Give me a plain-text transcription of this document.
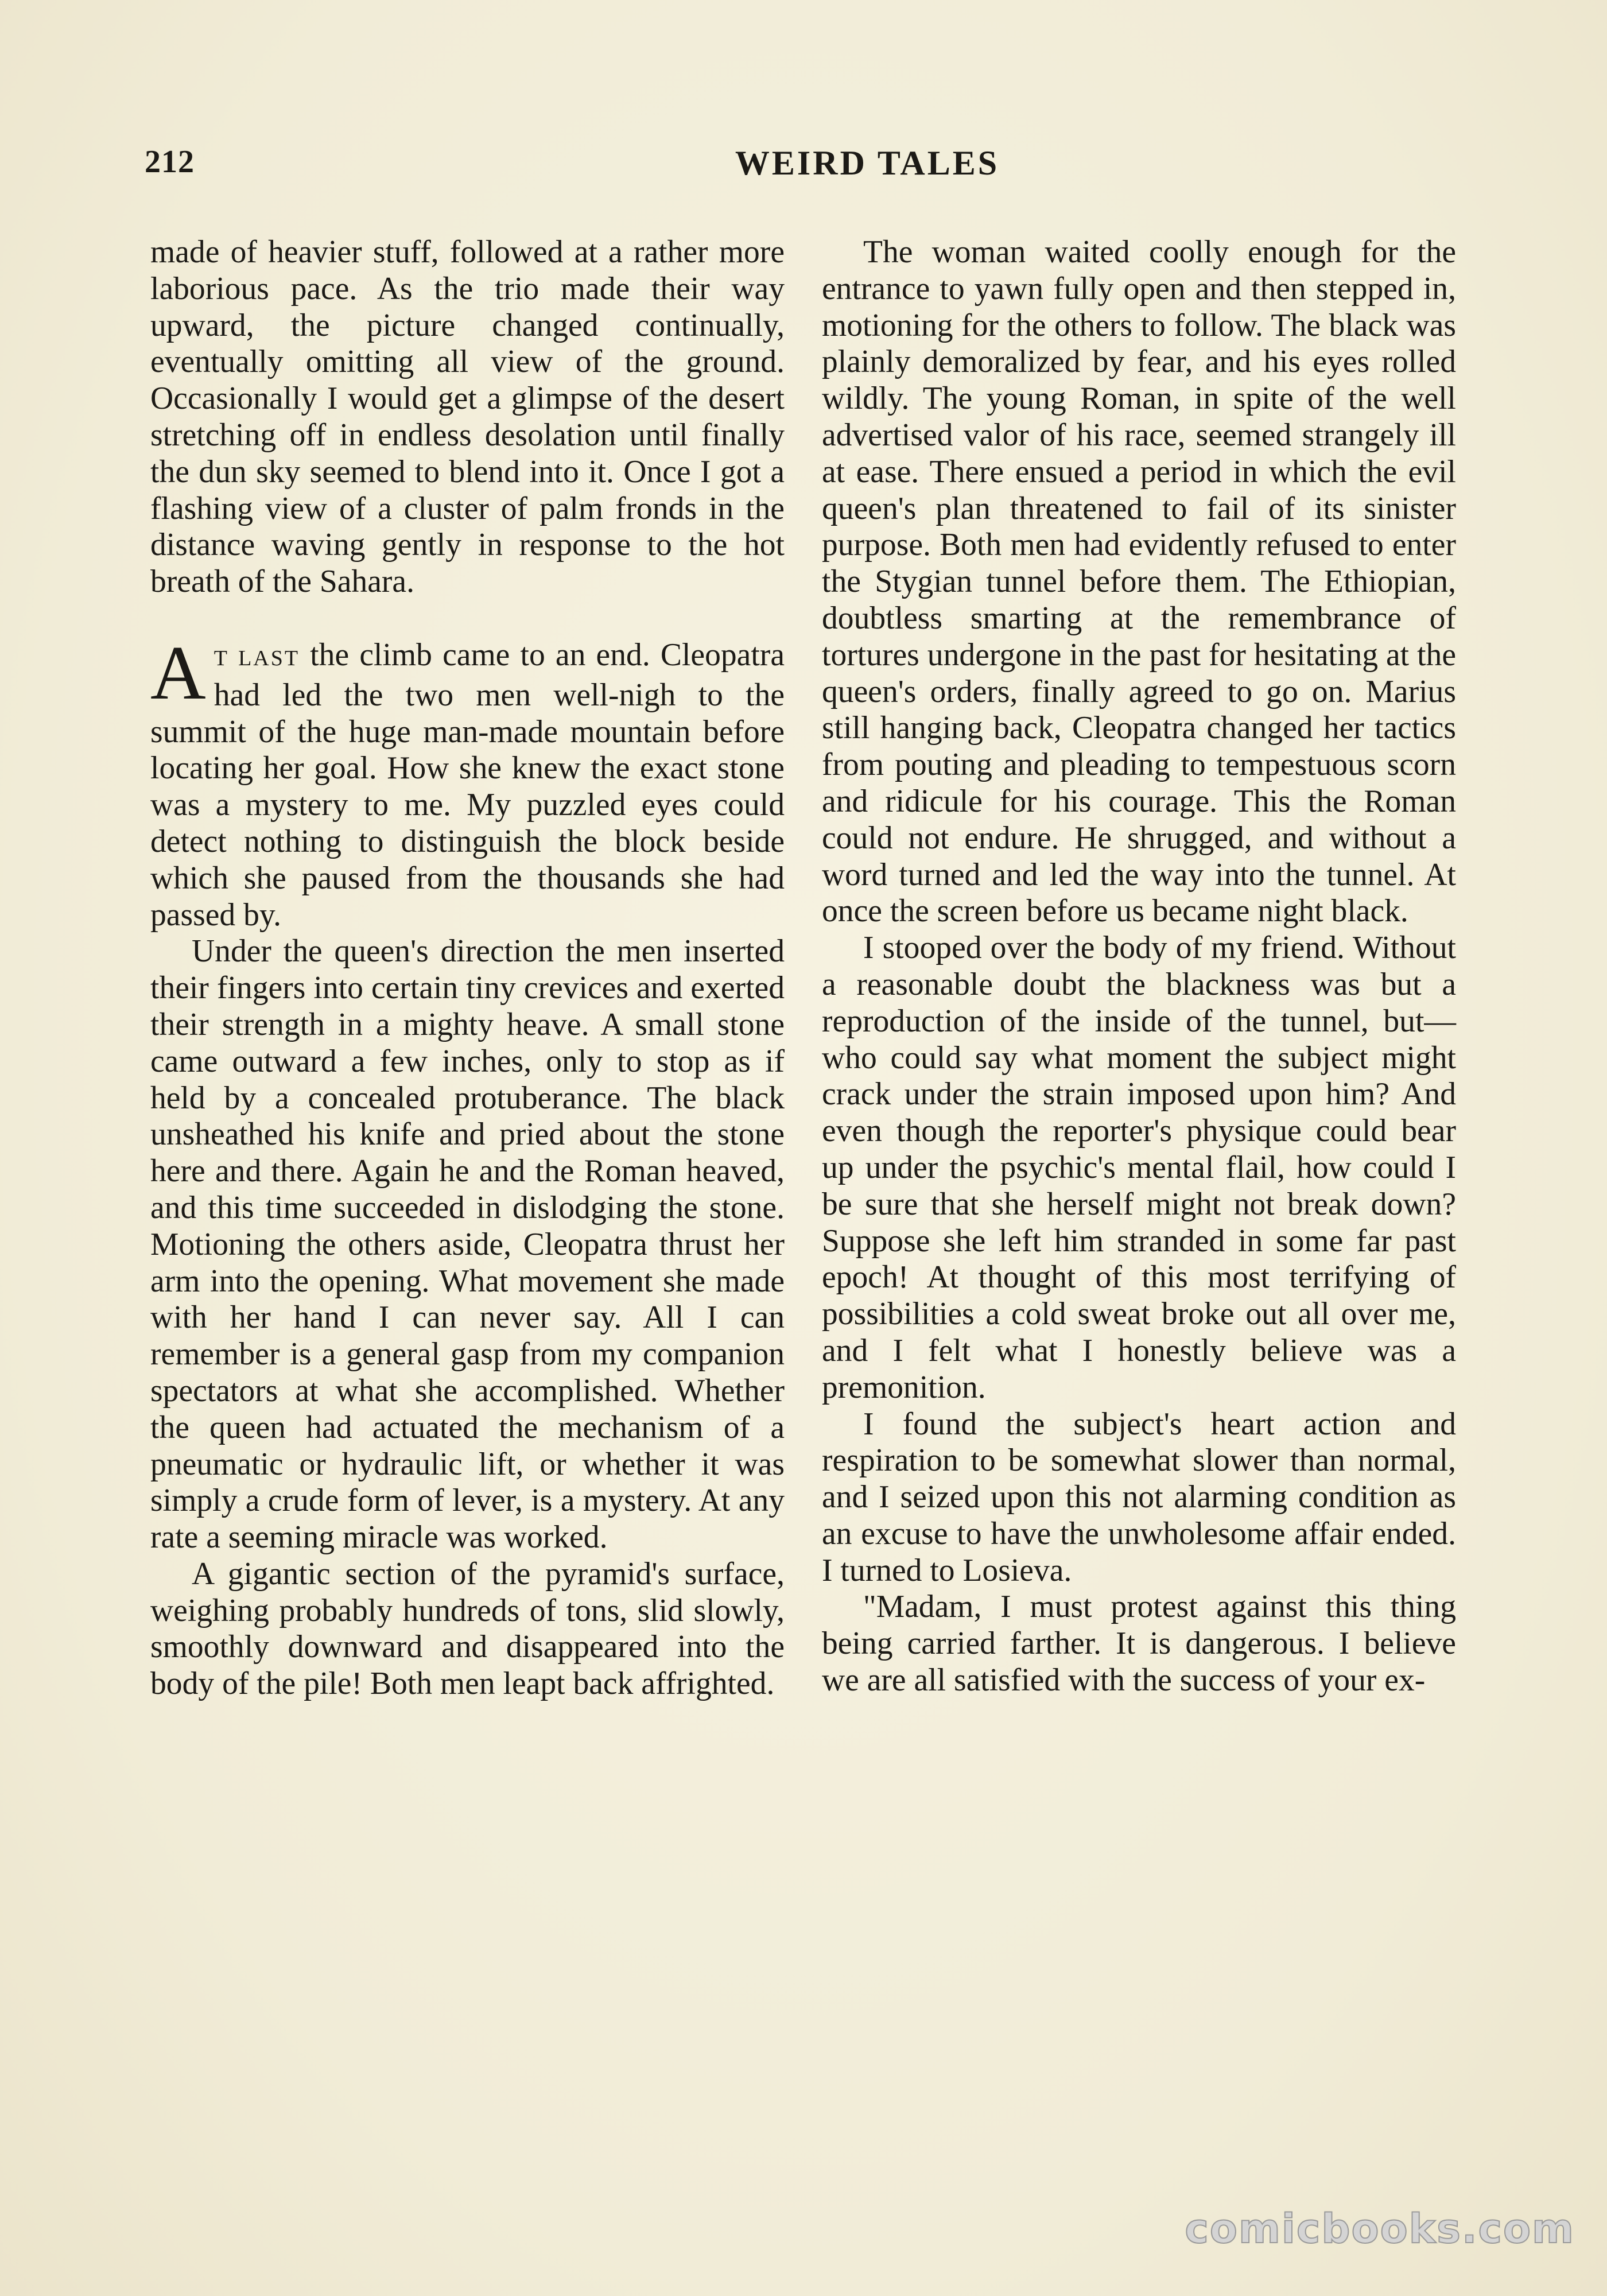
212	WEIRD TALES

made of heavier stuff, followed at a rather more laborious pace. As the trio made their way upward, the picture changed continually, eventually omitting all view of the ground. Occasionally I would get a glimpse of the desert stretching off in endless desolation until finally the dun sky seemed to blend into it. Once I got a flashing view of a cluster of palm fronds in the distance waving gently in response to the hot breath of the Sahara.

A T LAST the climb came to an end. Cleopatra had led the two men well-nigh to the summit of the huge man-made mountain before locating her goal. How she knew the exact stone was a mystery to me. My puzzled eyes could detect nothing to distinguish the block beside which she paused from the thousands she had passed by.

Under the queen's direction the men inserted their fingers into certain tiny crevices and exerted their strength in a mighty heave. A small stone came outward a few inches, only to stop as if held by a concealed protuberance. The black unsheathed his knife and pried about the stone here and there. Again he and the Roman heaved, and this time succeeded in dislodging the stone. Motioning the others aside, Cleopatra thrust her arm into the opening. What movement she made with her hand I can never say. All I can remember is a general gasp from my companion spectators at what she accomplished. Whether the queen had actuated the mechanism of a pneumatic or hydraulic lift, or whether it was simply a crude form of lever, is a mystery. At any rate a seeming miracle was worked.

A gigantic section of the pyramid's surface, weighing probably hundreds of tons, slid slowly, smoothly downward and disappeared into the body of the pile! Both men leapt back affrighted.

The woman waited coolly enough for the entrance to yawn fully open and then stepped in, motioning for the others to follow. The black was plainly demoralized by fear, and his eyes rolled wildly. The young Roman, in spite of the well advertised valor of his race, seemed strangely ill at ease. There ensued a period in which the evil queen's plan threatened to fail of its sinister purpose. Both men had evidently refused to enter the Stygian tunnel before them. The Ethiopian, doubtless smarting at the remembrance of tortures undergone in the past for hesitating at the queen's orders, finally agreed to go on. Marius still hanging back, Cleopatra changed her tactics from pouting and pleading to tempestuous scorn and ridicule for his courage. This the Roman could not endure. He shrugged, and without a word turned and led the way into the tunnel. At once the screen before us became night black.

I stooped over the body of my friend. Without a reasonable doubt the blackness was but a reproduction of the inside of the tunnel, but—who could say what moment the subject might crack under the strain imposed upon him? And even though the reporter's physique could bear up under the psychic's mental flail, how could I be sure that she herself might not break down? Suppose she left him stranded in some far past epoch! At thought of this most terrifying of possibilities a cold sweat broke out all over me, and I felt what I honestly believe was a premonition.

I found the subject's heart action and respiration to be somewhat slower than normal, and I seized upon this not alarming condition as an excuse to have the unwholesome affair ended. I turned to Losieva.

"Madam, I must protest against this thing being carried farther. It is dangerous. I believe we are all satisfied with the success of your ex-

comicbooks.com
